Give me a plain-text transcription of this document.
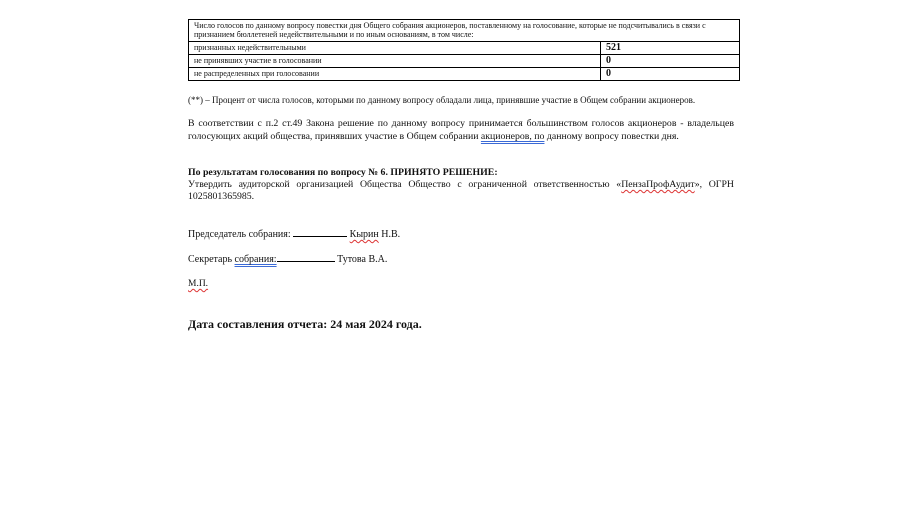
Число голосов по данному вопросу повестки дня Общего собрания акционеров, поставленному на голосование, которые не подсчитывались в связи с признанием бюллетеней недействительными и по иным основаниям, в том числе:	
признанных недействительными	521
не принявших участие в голосовании	0
не распределенных при голосовании	0

(**) – Процент от числа голосов, которыми по данному вопросу обладали лица, принявшие участие в Общем собрании акционеров.

В соответствии с п.2 ст.49 Закона решение по данному вопросу принимается большинством голосов акционеров - владельцев голосующих акций общества, принявших участие в Общем собрании акционеров, по данному вопросу повестки дня.

По результатам голосования по вопросу № 6. ПРИНЯТО РЕШЕНИЕ:

Утвердить аудиторской организацией Общества Общество с ограниченной ответственностью «ПензаПрофАудит», ОГРН 1025801365985.

Председатель собрания:	Кырин Н.В.

Секретарь собрания:	Тутова В.А.

М.П.

Дата составления отчета: 24 мая 2024 года.
